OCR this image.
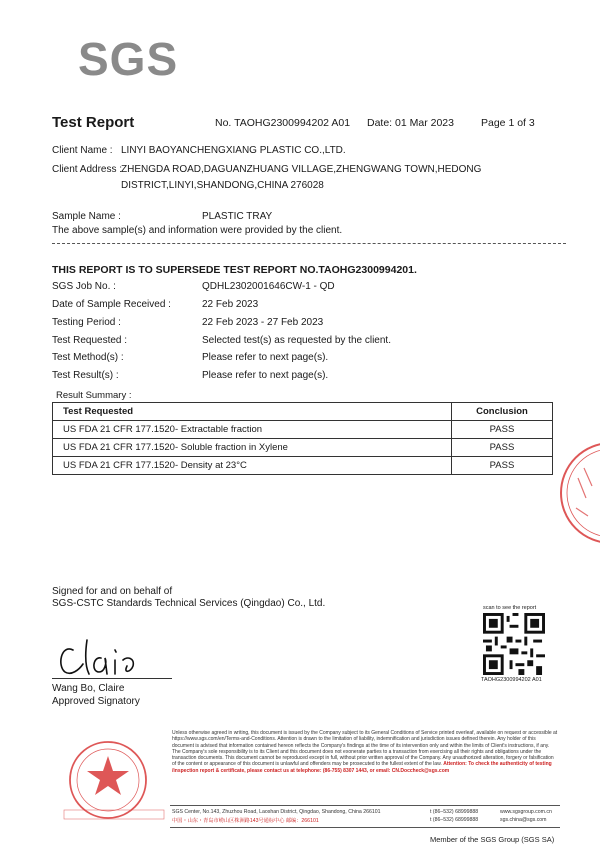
SGS
Test Report	No. TAOHG2300994202 A01 Date: 01 Mar 2023	Page 1 of 3
Client Name : LINYI BAOYANCHENGXIANG PLASTIC CO.,LTD.
Client Address :
ZHENGDA ROAD,DAGUANZHUANG VILLAGE,ZHENGWANG TOWN,HEDONG
DISTRICT,LINYI,SHANDONG,CHINA 276028
Sample Name :	PLASTIC TRAY
The above sample(s) and information were provided by the client.
THIS REPORT IS TO SUPERSEDE TEST REPORT NO.TAOHG2300994201.
SGS Job No. :	QDHL2302001646CW-1 - QD
Date of Sample Received :	22 Feb 2023
Testing Period :	22 Feb 2023 - 27 Feb 2023
Test Requested :	Selected test(s) as requested by the client.
Test Method(s) :	Please refer to next page(s).
Test Result(s) :	Please refer to next page(s).
Result Summary :
Test Requested	Conclusion
US FDA 21 CFR 177.1520- Extractable fraction	PASS
US FDA 21 CFR 177.1520- Soluble fraction in Xylene	PASS
US FDA 21 CFR 177.1520- Density at 23°C	PASS
Signed for and on behalf of
SGS-CSTC Standards Technical Services (Qingdao) Co., Ltd.
Wang Bo, Claire
Approved Signatory
scan to see the report
TAOHG2300994202 A01
Unless otherwise agreed in writing, this document is issued by the Company subject to its General Conditions of Service printed overleaf, available on request or accessible at https://www.sgs.com/en/Terms-and-Conditions. Attention is drawn to the limitation of liability, indemnification and jurisdiction issues defined therein. Any holder of this document is advised that information contained hereon reflects the Company's findings at the time of its intervention only and within the limits of Client's instructions, if any. The Company's sole responsibility is to its Client and this document does not exonerate parties to a transaction from exercising all their rights and obligations under the transaction documents. This document cannot be reproduced except in full, without prior written approval of the Company. Any unauthorized alteration, forgery or falsification of the content or appearance of this document is unlawful and offenders may be prosecuted to the fullest extent of the law. Attention: To check the authenticity of testing /inspection report & certificate, please contact us at telephone: (86-755) 8307 1443, or email: CN.Doccheck@sgs.com
SGS Center, No.143, Zhuzhou Road, Laoshan District, Qingdao, Shandong, China 266101
中国・山东・青岛市崂山区株洲路143号通标中心 邮编：266101
t (86–532) 68999888
t (86–532) 68999888
www.sgsgroup.com.cn
sgs.china@sgs.com
Member of the SGS Group (SGS SA)
